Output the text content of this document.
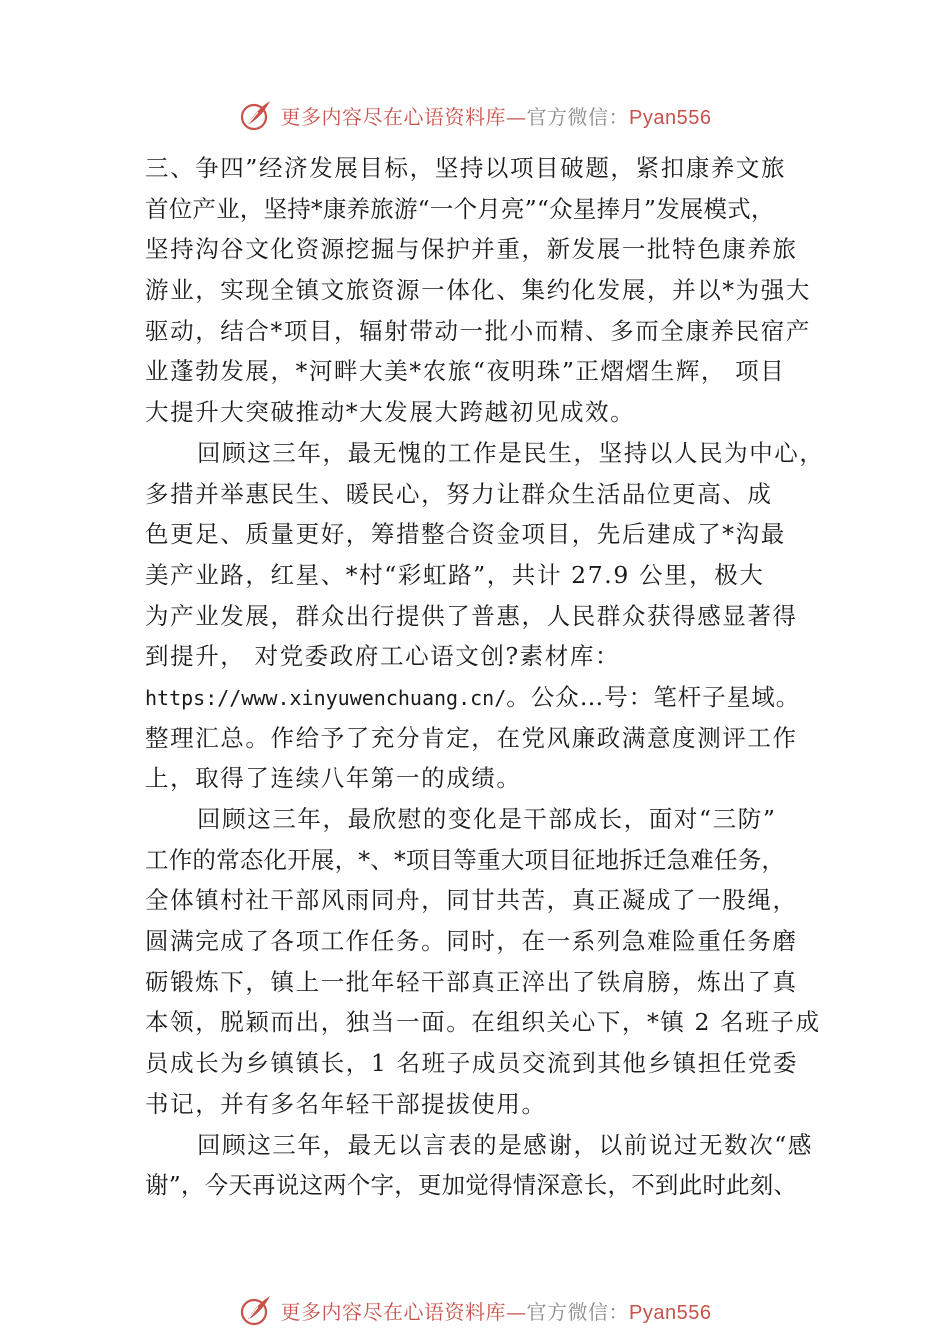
更多内容尽在心语资料库—官方微信：Pyan556
三、争四”经济发展目标，坚持以项目破题，紧扣康养文旅
首位产业，坚持*康养旅游“一个月亮”“众星捧月”发展模式，
坚持沟谷文化资源挖掘与保护并重，新发展一批特色康养旅
游业，实现全镇文旅资源一体化、集约化发展，并以*为强大
驱动，结合*项目，辐射带动一批小而精、多而全康养民宿产
业蓬勃发展，*河畔大美*农旅“夜明珠”正熠熠生辉， 项目
大提升大突破推动*大发展大跨越初见成效。
回顾这三年，最无愧的工作是民生，坚持以人民为中心，
多措并举惠民生、暖民心，努力让群众生活品位更高、成
色更足、质量更好，筹措整合资金项目，先后建成了*沟最
美产业路，红星、*村“彩虹路”，共计 27.9 公里，极大
为产业发展，群众出行提供了普惠，人民群众获得感显著得
到提升， 对党委政府工心语文创?素材库：
https://www.xinyuwenchuang.cn/。公众…号：笔杆子星域。
整理汇总。作给予了充分肯定，在党风廉政满意度测评工作
上，取得了连续八年第一的成绩。
回顾这三年，最欣慰的变化是干部成长，面对“三防”
工作的常态化开展，*、*项目等重大项目征地拆迁急难任务，
全体镇村社干部风雨同舟，同甘共苦，真正凝成了一股绳，
圆满完成了各项工作任务。同时，在一系列急难险重任务磨
砺锻炼下，镇上一批年轻干部真正淬出了铁肩膀，炼出了真
本领，脱颖而出，独当一面。在组织关心下，*镇 2 名班子成
员成长为乡镇镇长，1 名班子成员交流到其他乡镇担任党委
书记，并有多名年轻干部提拔使用。
回顾这三年，最无以言表的是感谢，以前说过无数次“感
谢”，今天再说这两个字，更加觉得情深意长，不到此时此刻、
更多内容尽在心语资料库—官方微信：Pyan556
